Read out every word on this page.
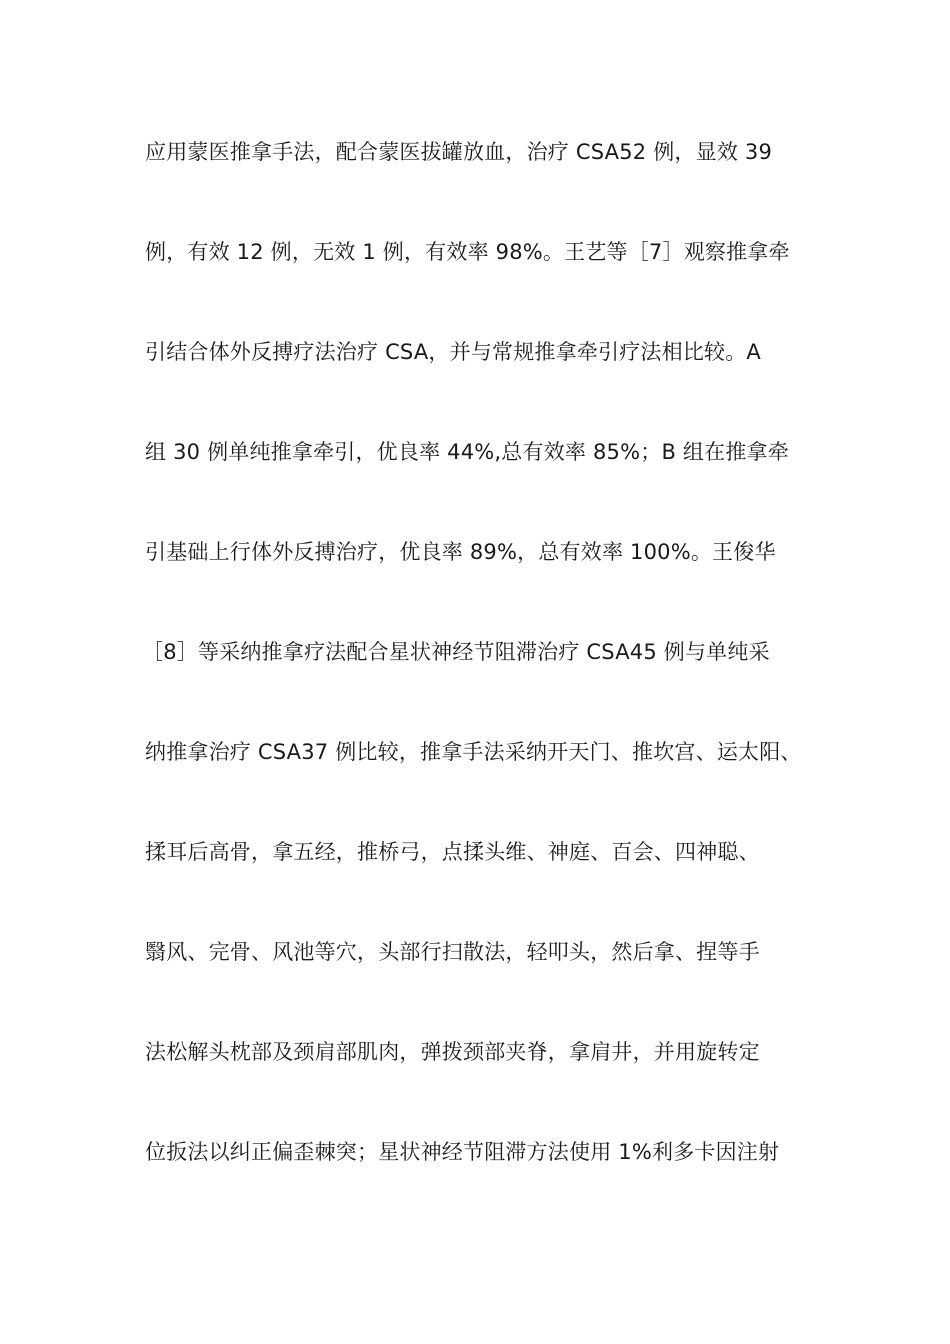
应用蒙医推拿手法，配合蒙医拔罐放血，治疗 CSA52 例，显效 39
例，有效 12 例，无效 1 例，有效率 98%。王艺等［7］观察推拿牵
引结合体外反搏疗法治疗 CSA，并与常规推拿牵引疗法相比较。A
组 30 例单纯推拿牵引，优良率 44%,总有效率 85%；B 组在推拿牵
引基础上行体外反搏治疗，优良率 89%，总有效率 100%。王俊华
［8］等采纳推拿疗法配合星状神经节阻滞治疗 CSA45 例与单纯采
纳推拿治疗 CSA37 例比较，推拿手法采纳开天门、推坎宫、运太阳、
揉耳后高骨，拿五经，推桥弓，点揉头维、神庭、百会、四神聪、
翳风、完骨、风池等穴，头部行扫散法，轻叩头，然后拿、捏等手
法松解头枕部及颈肩部肌肉，弹拨颈部夹脊，拿肩井，并用旋转定
位扳法以纠正偏歪棘突；星状神经节阻滞方法使用 1%利多卡因注射
